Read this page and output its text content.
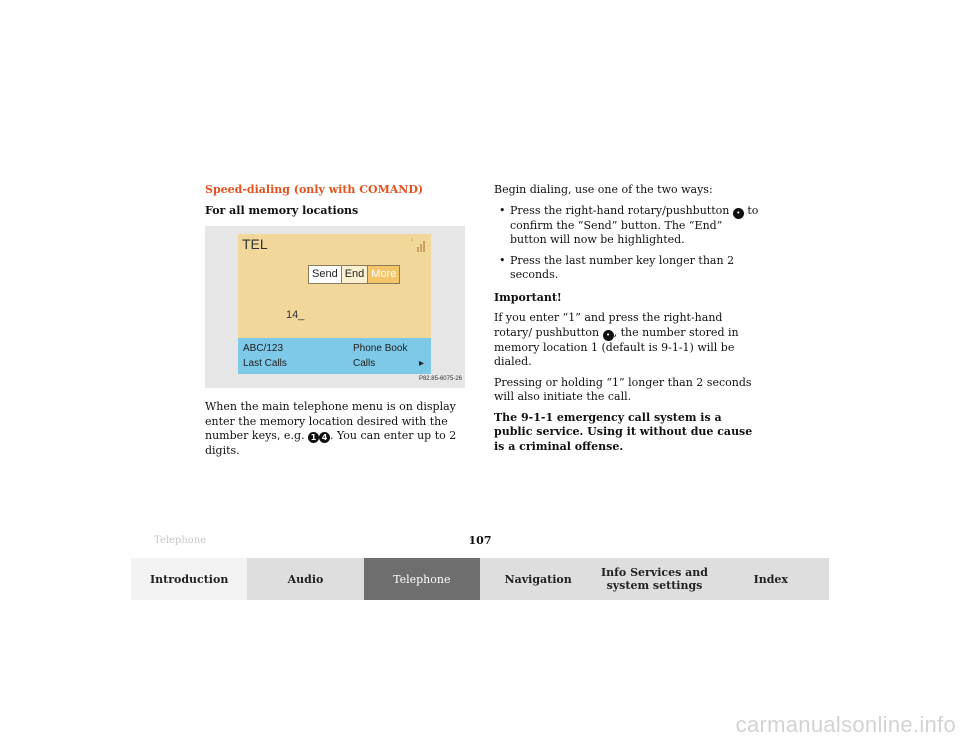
Speed-dialing (only with COMAND)

For all memory locations

TEL	ε
Send End More
14_
ABC/123	Phone Book
Last Calls	Calls	▸
P82.85-6075-26

When the main telephone menu is on display enter the memory location desired with the number keys, e.g. 1 4 . You can enter up to 2 digits.

Begin dialing, use one of the two ways:

• Press the right-hand rotary/pushbutton • to confirm the “Send” button. The “End” button will now be highlighted.
• Press the last number key longer than 2 seconds.

Important!

If you enter “1” and press the right-hand rotary/ pushbutton • , the number stored in memory location 1 (default is 9-1-1) will be dialed.

Pressing or holding “1” longer than 2 seconds will also initiate the call.

The 9-1-1 emergency call system is a public service. Using it without due cause is a criminal offense.

Telephone	107
Introduction	Audio	Telephone	Navigation	Info Services and system settings	Index
carmanualsonline.info
